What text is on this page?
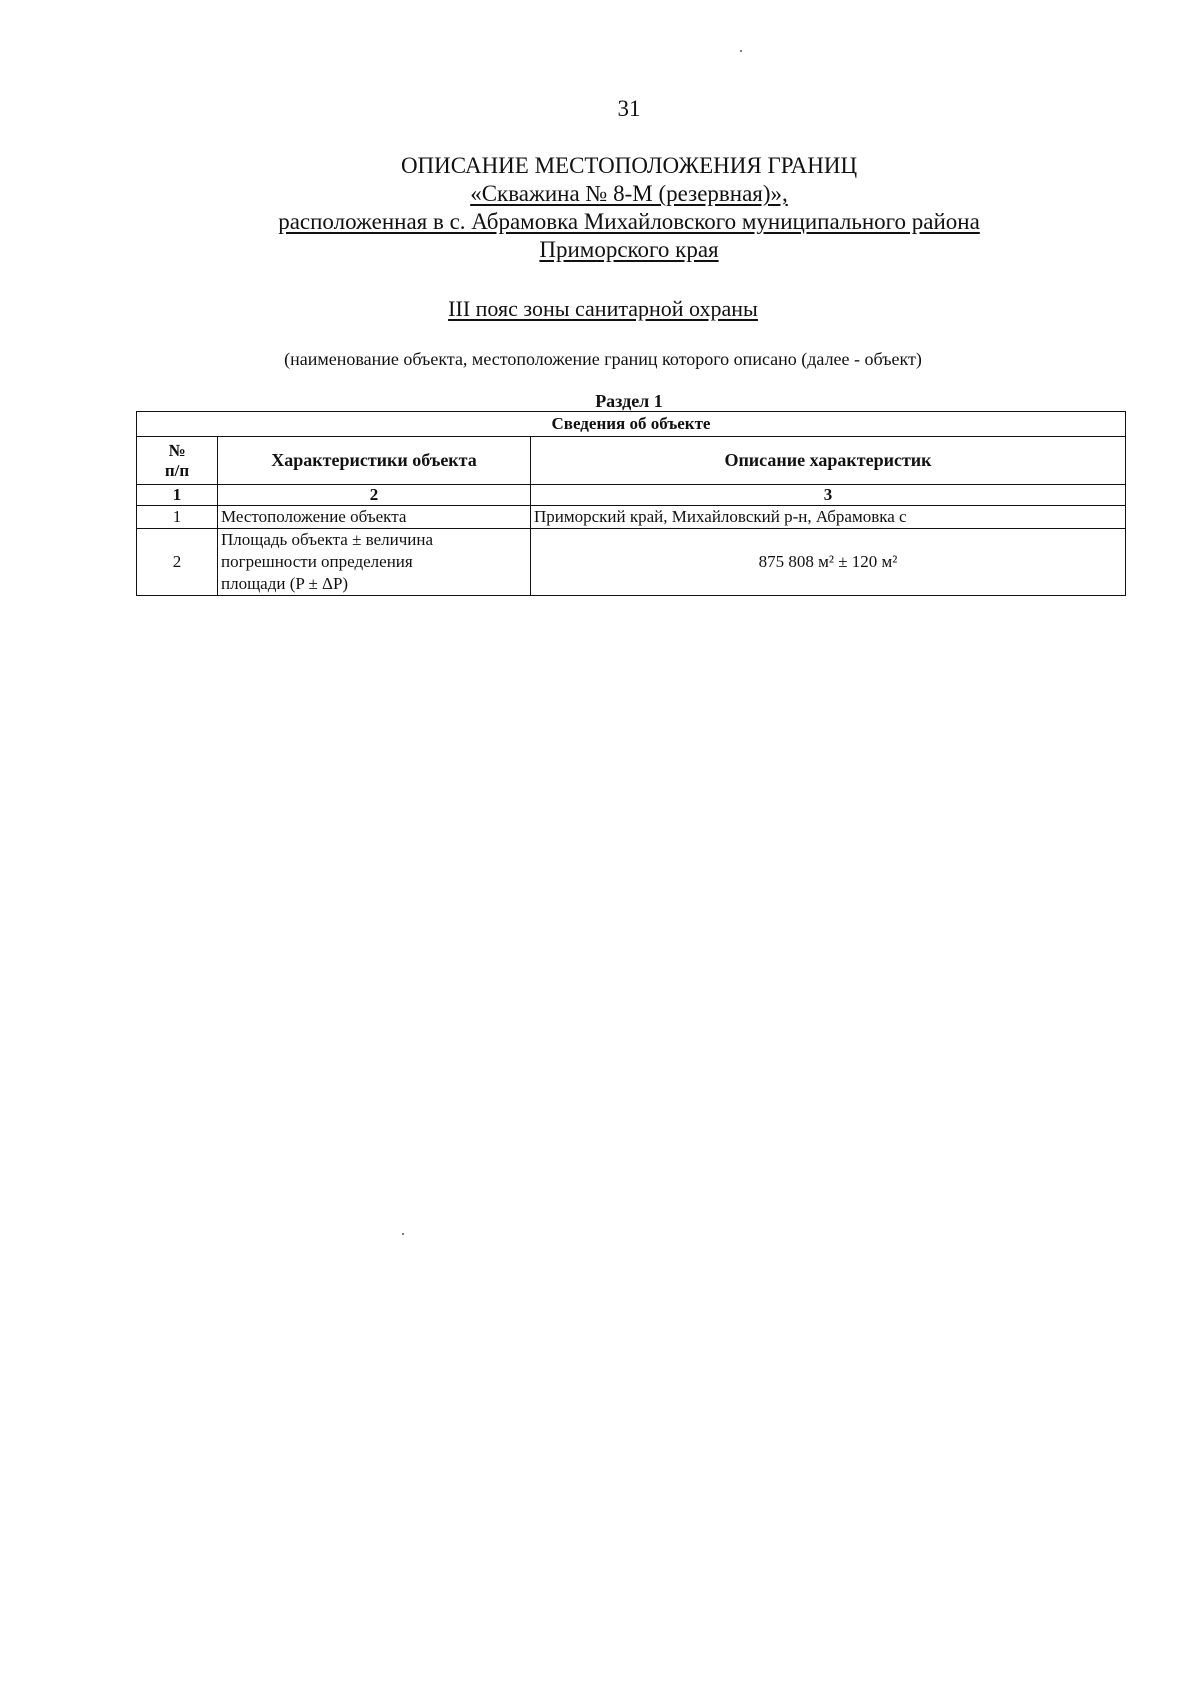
31
ОПИСАНИЕ МЕСТОПОЛОЖЕНИЯ ГРАНИЦ
«Скважина № 8-М (резервная)»,
расположенная в с. Абрамовка Михайловского муниципального района
Приморского края
III пояс зоны санитарной охраны
(наименование объекта, местоположение границ которого описано (далее - объект)
Раздел 1
Сведения об объекте		
№
п/п	Характеристики объекта	Описание характеристик
1	2	3
1	Местоположение объекта	Приморский край, Михайловский р-н, Абрамовка с
2	Площадь объекта ± величина
погрешности определения
площади (P ± ΔP)	875 808 м² ± 120 м²
